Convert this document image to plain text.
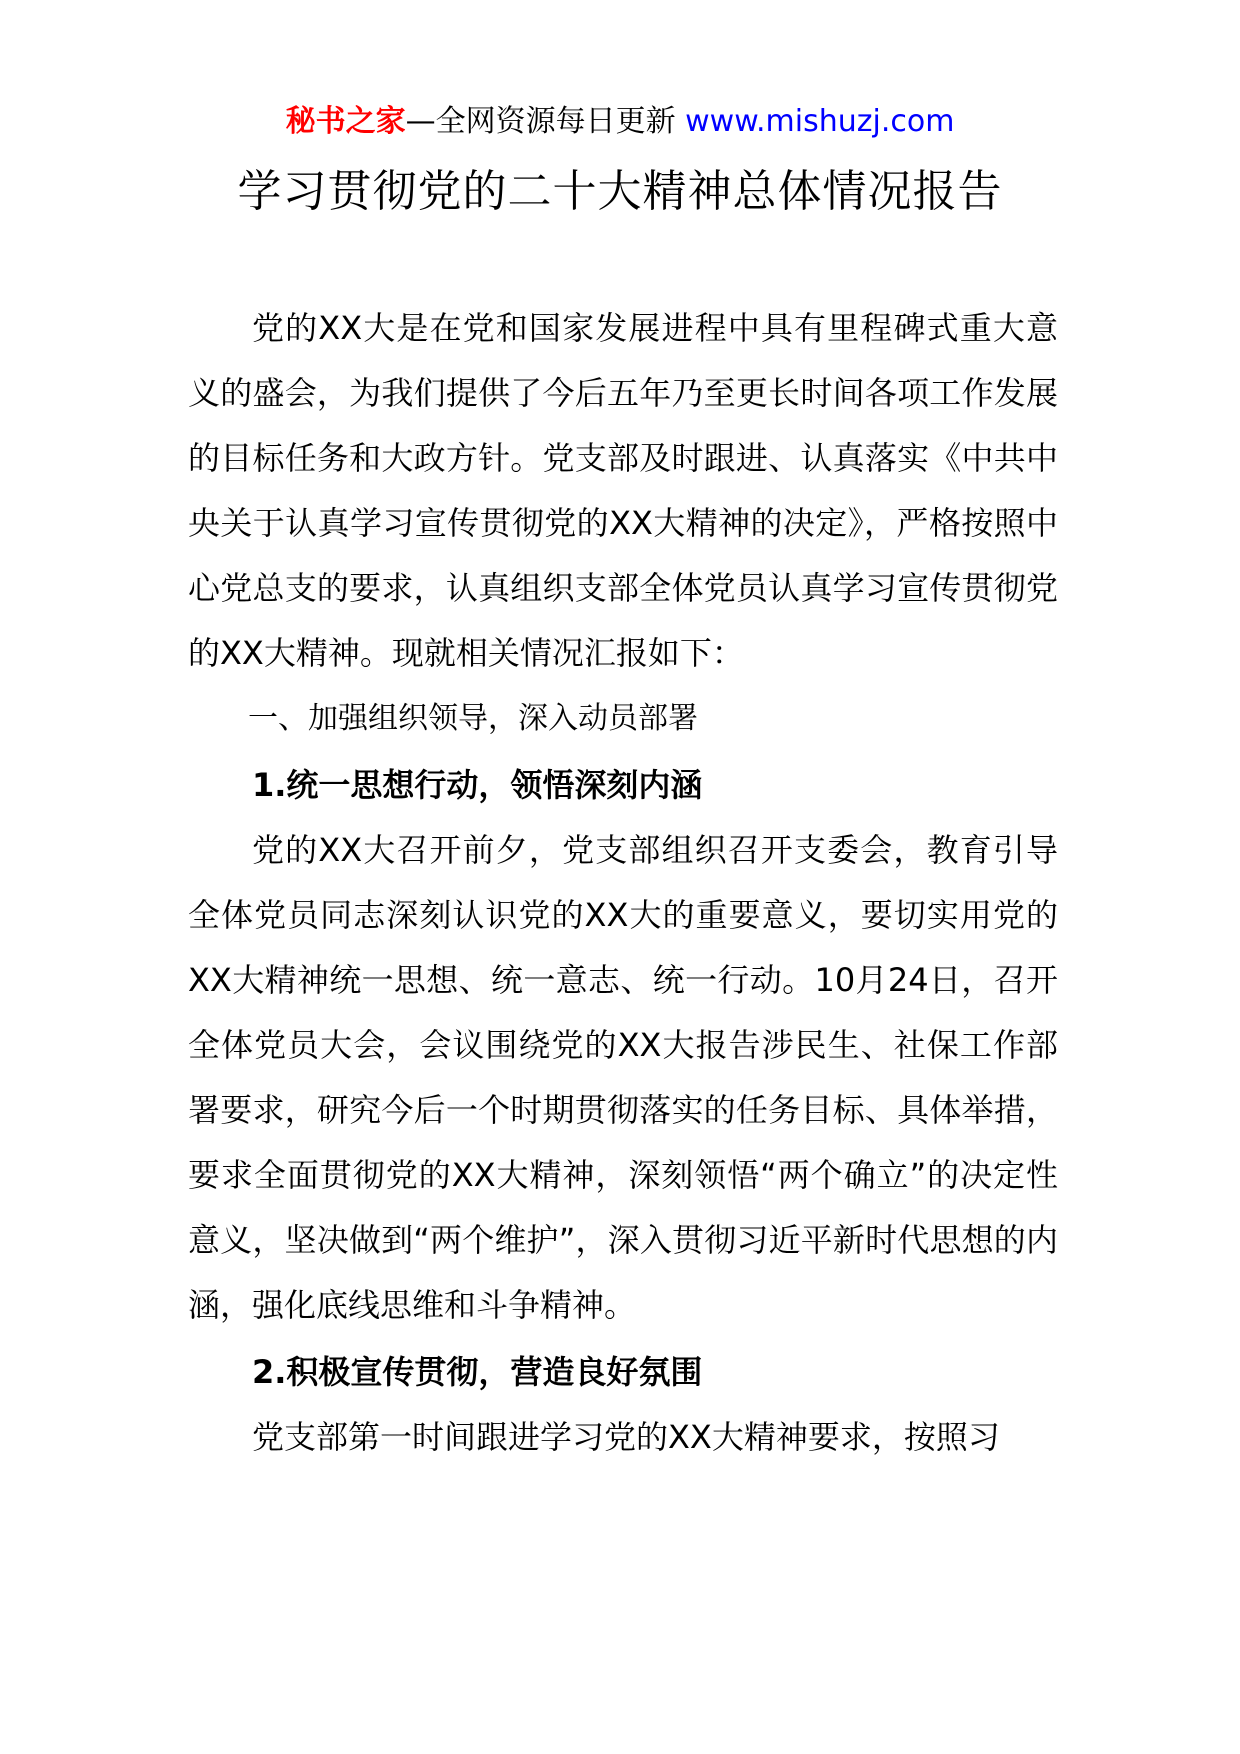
秘书之家—全网资源每日更新 www.mishuzj.com
学习贯彻党的二十大精神总体情况报告

党的XX大是在党和国家发展进程中具有里程碑式重大意义的盛会，为我们提供了今后五年乃至更长时间各项工作发展的目标任务和大政方针。党支部及时跟进、认真落实《中共中央关于认真学习宣传贯彻党的XX大精神的决定》，严格按照中心党总支的要求，认真组织支部全体党员认真学习宣传贯彻党的XX大精神。现就相关情况汇报如下：

一、加强组织领导，深入动员部署

1.统一思想行动，领悟深刻内涵

党的XX大召开前夕，党支部组织召开支委会，教育引导全体党员同志深刻认识党的XX大的重要意义，要切实用党的XX大精神统一思想、统一意志、统一行动。10月24日，召开全体党员大会，会议围绕党的XX大报告涉民生、社保工作部署要求，研究今后一个时期贯彻落实的任务目标、具体举措，要求全面贯彻党的XX大精神，深刻领悟“两个确立”的决定性意义，坚决做到“两个维护”，深入贯彻习近平新时代思想的内涵，强化底线思维和斗争精神。

2.积极宣传贯彻，营造良好氛围

党支部第一时间跟进学习党的XX大精神要求，按照习
